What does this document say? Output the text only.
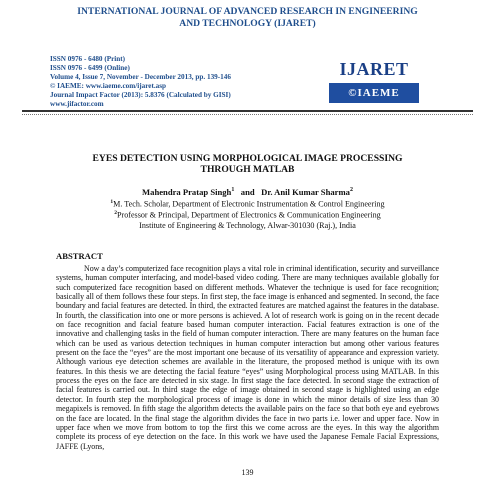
INTERNATIONAL JOURNAL OF ADVANCED RESEARCH IN ENGINEERING
AND TECHNOLOGY (IJARET)
ISSN 0976 - 6480 (Print)
ISSN 0976 - 6499 (Online)
Volume 4, Issue 7, November - December 2013, pp. 139-146
© IAEME: www.iaeme.com/ijaret.asp
Journal Impact Factor (2013): 5.8376 (Calculated by GISI)
www.jifactor.com
IJARET
©IAEME
EYES DETECTION USING MORPHOLOGICAL IMAGE PROCESSING
THROUGH MATLAB
Mahendra Pratap Singh$^1$ and Dr. Anil Kumar Sharma$^2$
$^1$M. Tech. Scholar, Department of Electronic Instrumentation & Control Engineering
$^2$Professor & Principal, Department of Electronics & Communication Engineering
Institute of Engineering & Technology, Alwar-301030 (Raj.), India
ABSTRACT
Now a day’s computerized face recognition plays a vital role in criminal identification, security and surveillance systems, human computer interfacing, and model-based video coding. There are many techniques available globally for such computerized face recognition based on different methods. Whatever the technique is used for face recognition; basically all of them follows these four steps. In first step, the face image is enhanced and segmented. In second, the face boundary and facial features are detected. In third, the extracted features are matched against the features in the database. In fourth, the classification into one or more persons is achieved. A lot of research work is going on in the recent decade on face recognition and facial feature based human computer interaction. Facial features extraction is one of the innovative and challenging tasks in the field of human computer interaction. There are many features on the human face which can be used as various detection techniques in human computer interaction but among other various features present on the face the “eyes” are the most important one because of its versatility of appearance and expression variety. Although various eye detection schemes are available in the literature, the proposed method is unique with its own features. In this thesis we are detecting the facial feature “eyes” using Morphological process using MATLAB. In this process the eyes on the face are detected in six stage. In first stage the face detected. In second stage the extraction of facial features is carried out. In third stage the edge of image obtained in second stage is highlighted using an edge detector. In fourth step the morphological process of image is done in which the minor details of size less than 30 megapixels is removed. In fifth stage the algorithm detects the available pairs on the face so that both eye and eyebrows on the face are located. In the final stage the algorithm divides the face in two parts i.e. lower and upper face. Now in upper face when we move from bottom to top the first this we come across are the eyes. In this way the algorithm complete its process of eye detection on the face. In this work we have used the Japanese Female Facial Expressions, JAFFE (Lyons,
139
